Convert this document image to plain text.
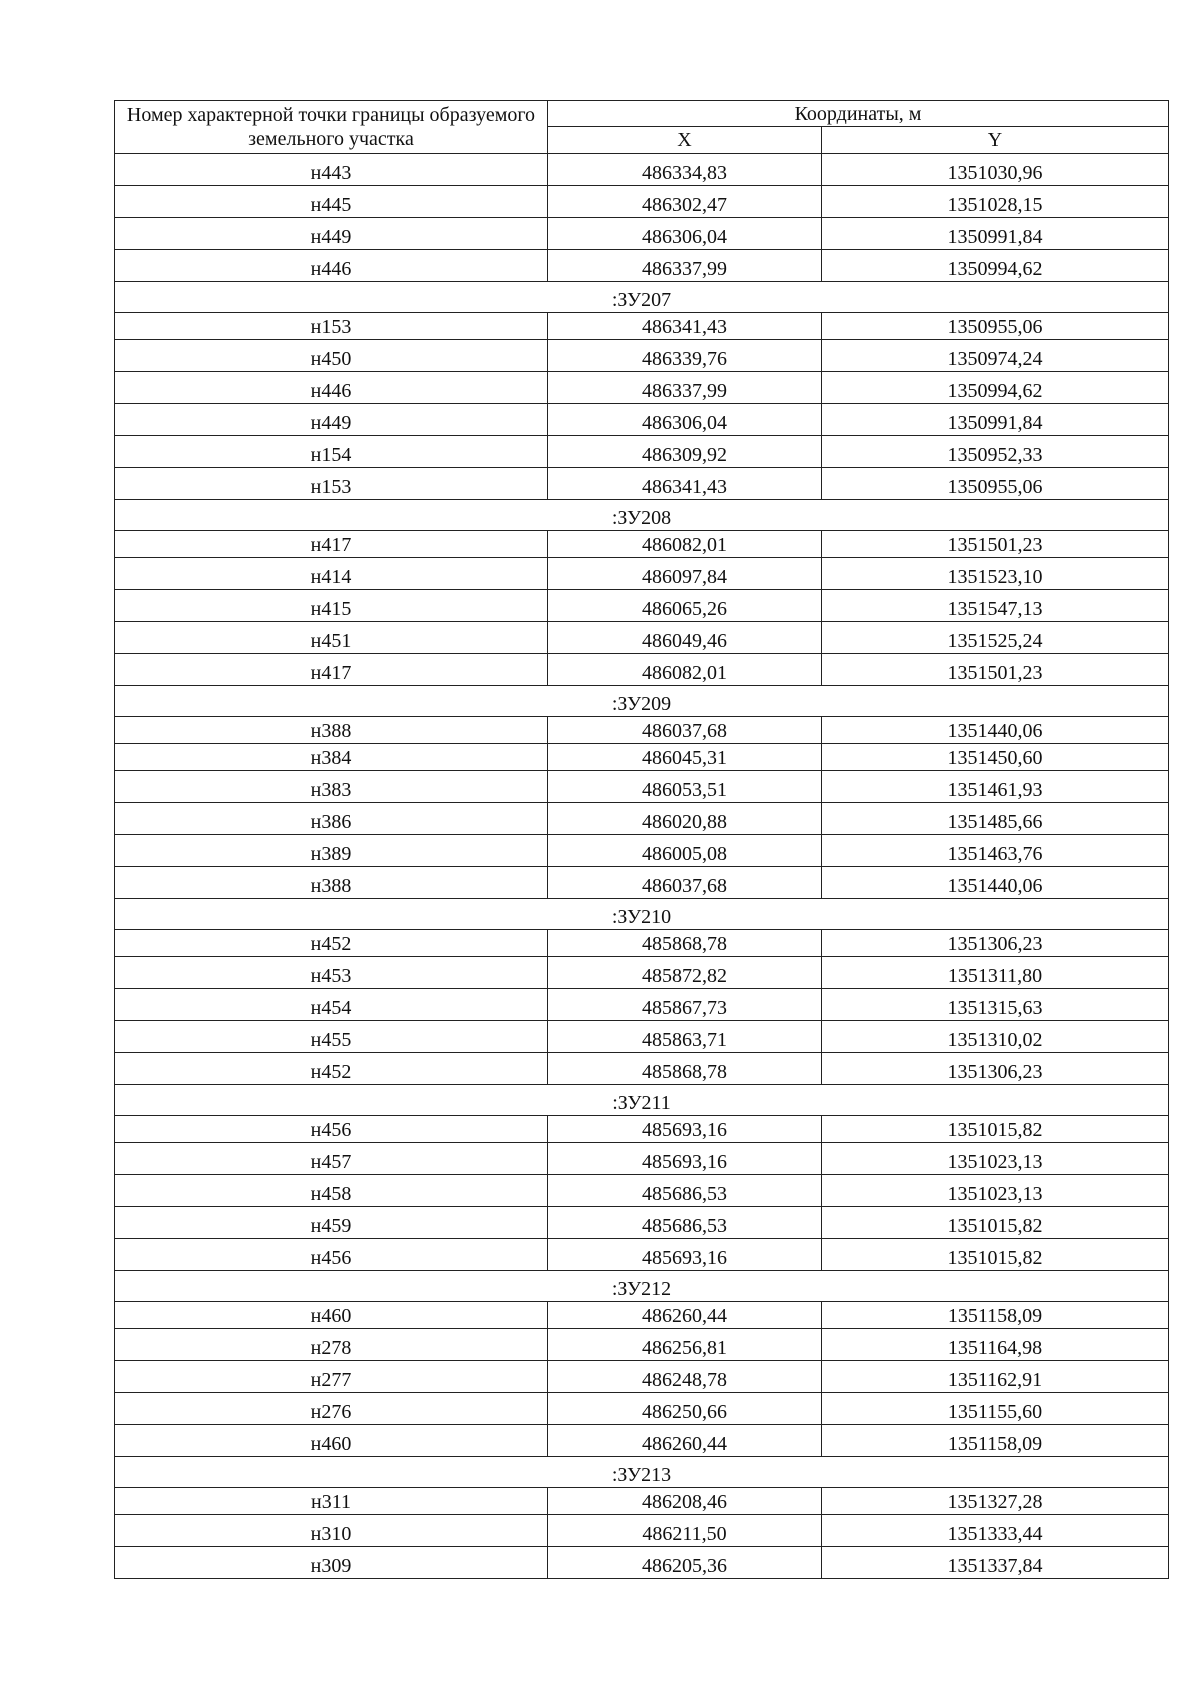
Номер характерной точки границы образуемого земельного участка	Координаты, м	
	X	Y
н443	486334,83	1351030,96
н445	486302,47	1351028,15
н449	486306,04	1350991,84
н446	486337,99	1350994,62
:ЗУ207		
н153	486341,43	1350955,06
н450	486339,76	1350974,24
н446	486337,99	1350994,62
н449	486306,04	1350991,84
н154	486309,92	1350952,33
н153	486341,43	1350955,06
:ЗУ208		
н417	486082,01	1351501,23
н414	486097,84	1351523,10
н415	486065,26	1351547,13
н451	486049,46	1351525,24
н417	486082,01	1351501,23
:ЗУ209		
н388	486037,68	1351440,06
н384	486045,31	1351450,60
н383	486053,51	1351461,93
н386	486020,88	1351485,66
н389	486005,08	1351463,76
н388	486037,68	1351440,06
:ЗУ210		
н452	485868,78	1351306,23
н453	485872,82	1351311,80
н454	485867,73	1351315,63
н455	485863,71	1351310,02
н452	485868,78	1351306,23
:ЗУ211		
н456	485693,16	1351015,82
н457	485693,16	1351023,13
н458	485686,53	1351023,13
н459	485686,53	1351015,82
н456	485693,16	1351015,82
:ЗУ212		
н460	486260,44	1351158,09
н278	486256,81	1351164,98
н277	486248,78	1351162,91
н276	486250,66	1351155,60
н460	486260,44	1351158,09
:ЗУ213		
н311	486208,46	1351327,28
н310	486211,50	1351333,44
н309	486205,36	1351337,84
